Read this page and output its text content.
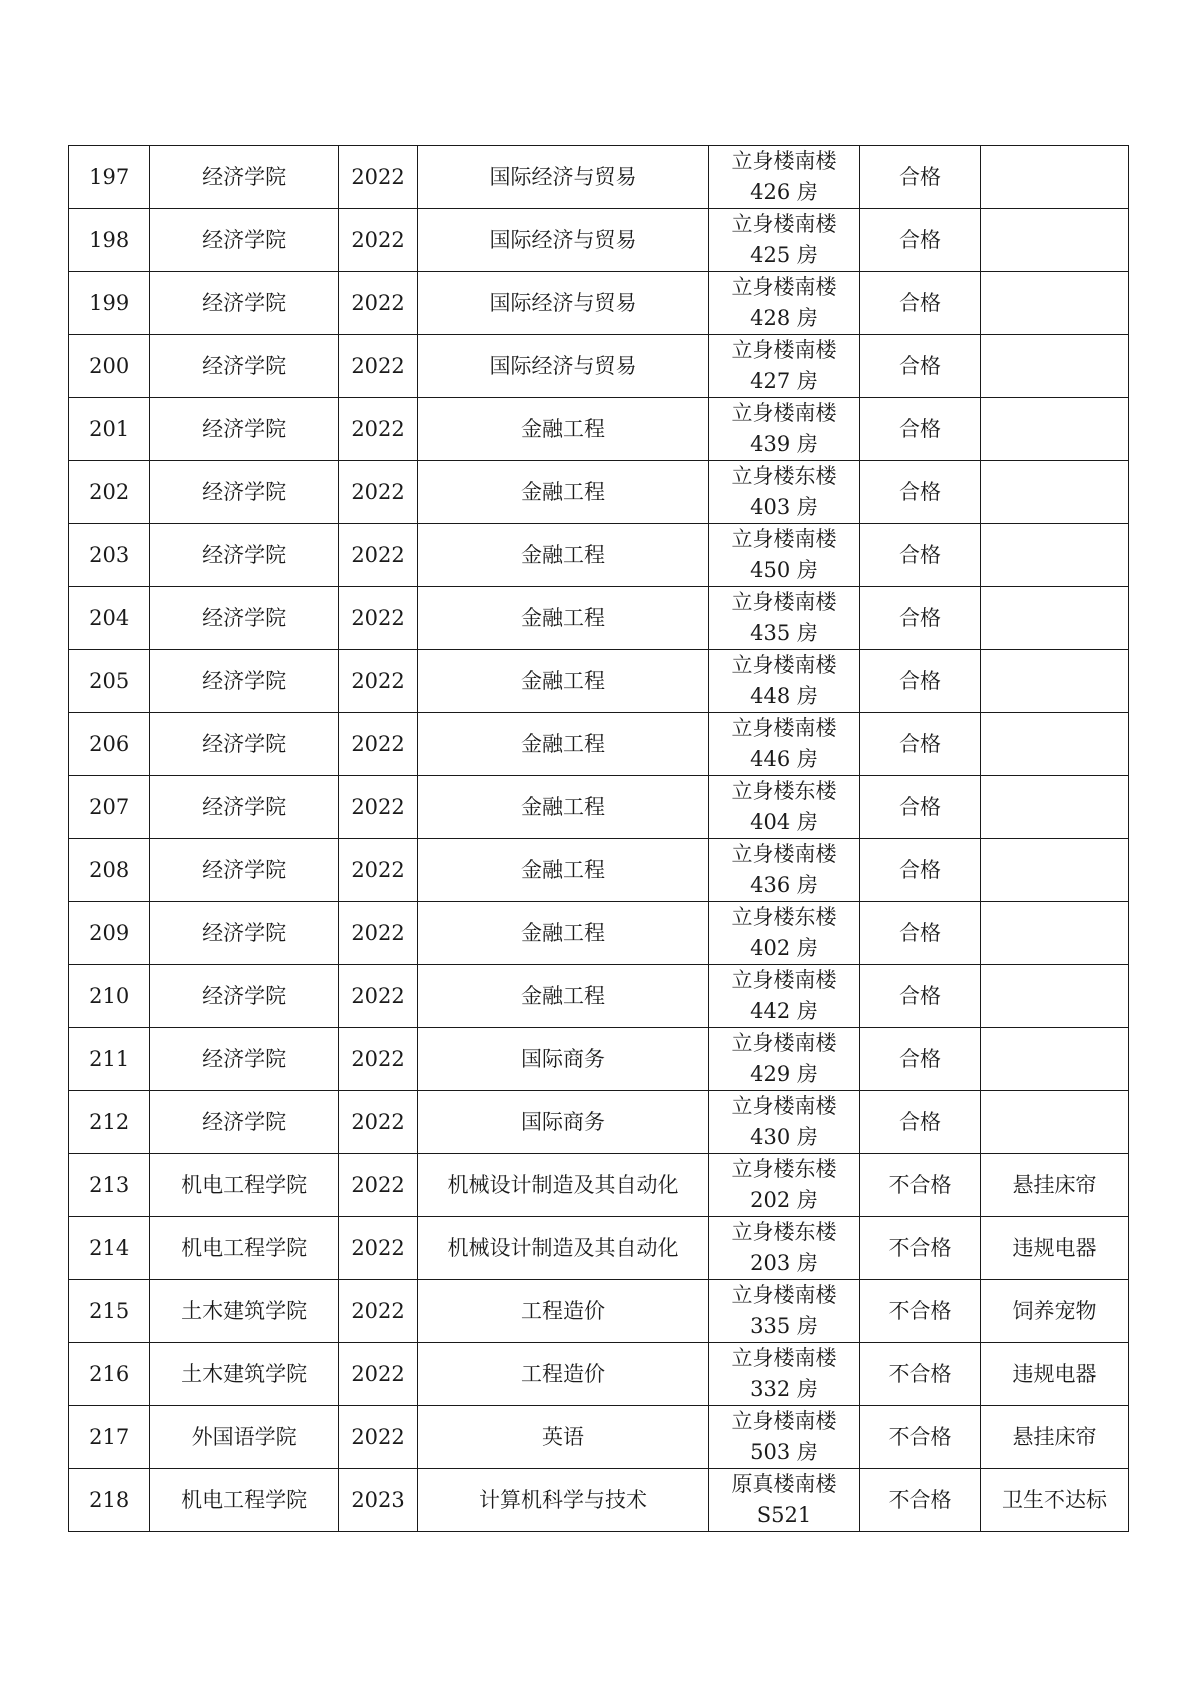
197	经济学院	2022	国际经济与贸易	立身楼南楼
426 房	合格	
198	经济学院	2022	国际经济与贸易	立身楼南楼
425 房	合格	
199	经济学院	2022	国际经济与贸易	立身楼南楼
428 房	合格	
200	经济学院	2022	国际经济与贸易	立身楼南楼
427 房	合格	
201	经济学院	2022	金融工程	立身楼南楼
439 房	合格	
202	经济学院	2022	金融工程	立身楼东楼
403 房	合格	
203	经济学院	2022	金融工程	立身楼南楼
450 房	合格	
204	经济学院	2022	金融工程	立身楼南楼
435 房	合格	
205	经济学院	2022	金融工程	立身楼南楼
448 房	合格	
206	经济学院	2022	金融工程	立身楼南楼
446 房	合格	
207	经济学院	2022	金融工程	立身楼东楼
404 房	合格	
208	经济学院	2022	金融工程	立身楼南楼
436 房	合格	
209	经济学院	2022	金融工程	立身楼东楼
402 房	合格	
210	经济学院	2022	金融工程	立身楼南楼
442 房	合格	
211	经济学院	2022	国际商务	立身楼南楼
429 房	合格	
212	经济学院	2022	国际商务	立身楼南楼
430 房	合格	
213	机电工程学院	2022	机械设计制造及其自动化	立身楼东楼
202 房	不合格	悬挂床帘
214	机电工程学院	2022	机械设计制造及其自动化	立身楼东楼
203 房	不合格	违规电器
215	土木建筑学院	2022	工程造价	立身楼南楼
335 房	不合格	饲养宠物
216	土木建筑学院	2022	工程造价	立身楼南楼
332 房	不合格	违规电器
217	外国语学院	2022	英语	立身楼南楼
503 房	不合格	悬挂床帘
218	机电工程学院	2023	计算机科学与技术	原真楼南楼
S521	不合格	卫生不达标
